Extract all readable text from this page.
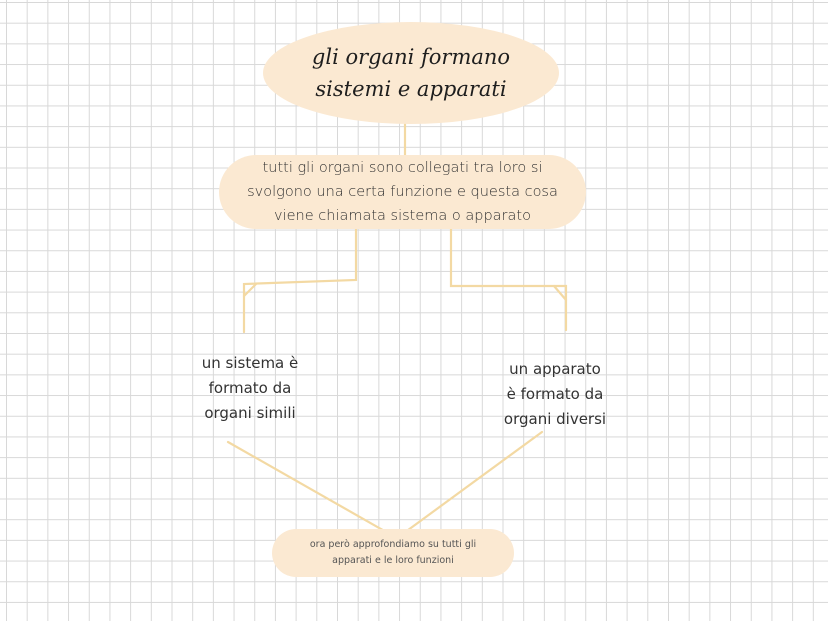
gli organi formano
sistemi e apparati
tutti gli organi sono collegati tra loro si
svolgono una certa funzione e questa cosa
viene chiamata sistema o apparato
un sistema è
formato da
organi simili
un apparato
è formato da
organi diversi
ora però approfondiamo su tutti gli
apparati e le loro funzioni
